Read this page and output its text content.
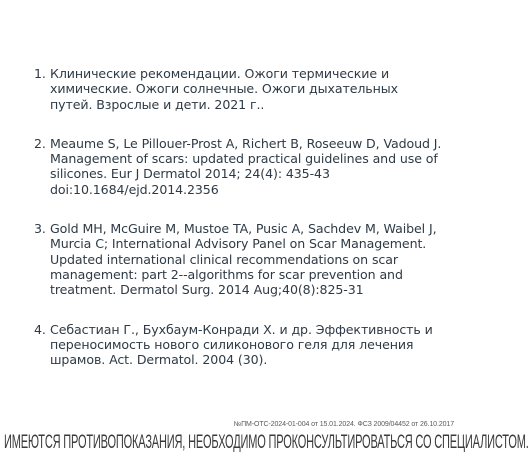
1. Клинические рекомендации. Ожоги термические и химические. Ожоги солнечные. Ожоги дыхательных путей. Взрослые и дети. 2021 г..
2. Meaume S, Le Pillouer-Prost A, Richert B, Roseeuw D, Vadoud J. Management of scars: updated practical guidelines and use of silicones. Eur J Dermatol 2014; 24(4): 435-43 doi:10.1684/ejd.2014.2356
3. Gold MH, McGuire M, Mustoe TA, Pusic A, Sachdev M, Waibel J, Murcia C; International Advisory Panel on Scar Management. Updated international clinical recommendations on scar management: part 2--algorithms for scar prevention and treatment. Dermatol Surg. 2014 Aug;40(8):825-31
4. Себастиан Г., Бухбаум-Конради Х. и др. Эффективность и переносимость нового силиконового геля для лечения шрамов. Act. Dermatol. 2004 (30).
№ПМ-ОТС-2024-01-004 от 15.01.2024. ФСЗ 2009/04452 от 26.10.2017
ИМЕЮТСЯ ПРОТИВОПОКАЗАНИЯ, НЕОБХОДИМО ПРОКОНСУЛЬТИРОВАТЬСЯ СО СПЕЦИАЛИСТОМ.
